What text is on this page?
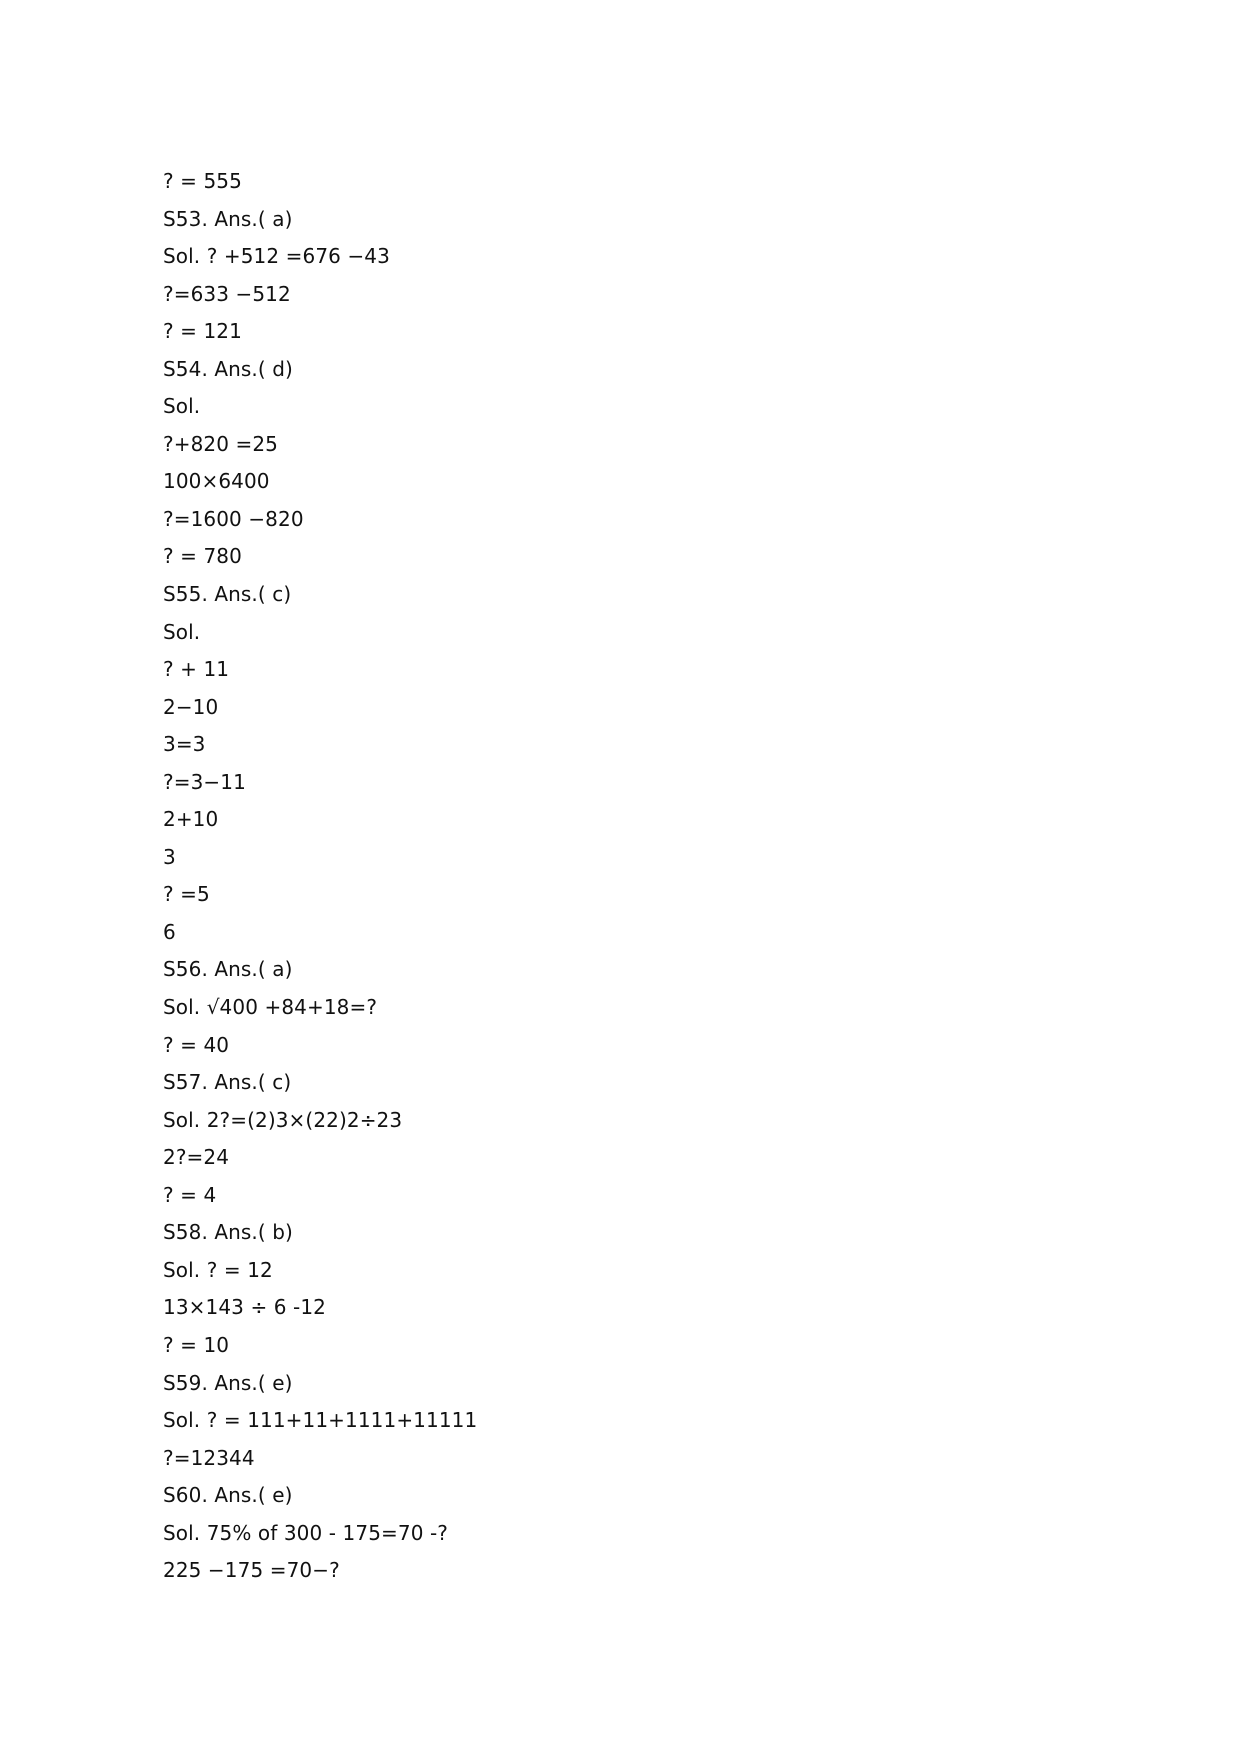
? = 555
S53. Ans.( a)
Sol. ? +512 =676 −43
?=633 −512
? = 121
S54. Ans.( d)
Sol.
?+820 =25
100×6400
?=1600 −820
? = 780
S55. Ans.( c)
Sol.
? + 11
2−10
3=3
?=3−11
2+10
3
? =5
6
S56. Ans.( a)
Sol. √400 +84+18=?
? = 40
S57. Ans.( c)
Sol. 2?=(2)3×(22)2÷23
2?=24
? = 4
S58. Ans.( b)
Sol. ? = 12
13×143 ÷ 6 -12
? = 10
S59. Ans.( e)
Sol. ? = 111+11+1111+11111
?=12344
S60. Ans.( e)
Sol. 75% of 300 - 175=70 -?
225 −175 =70−?
